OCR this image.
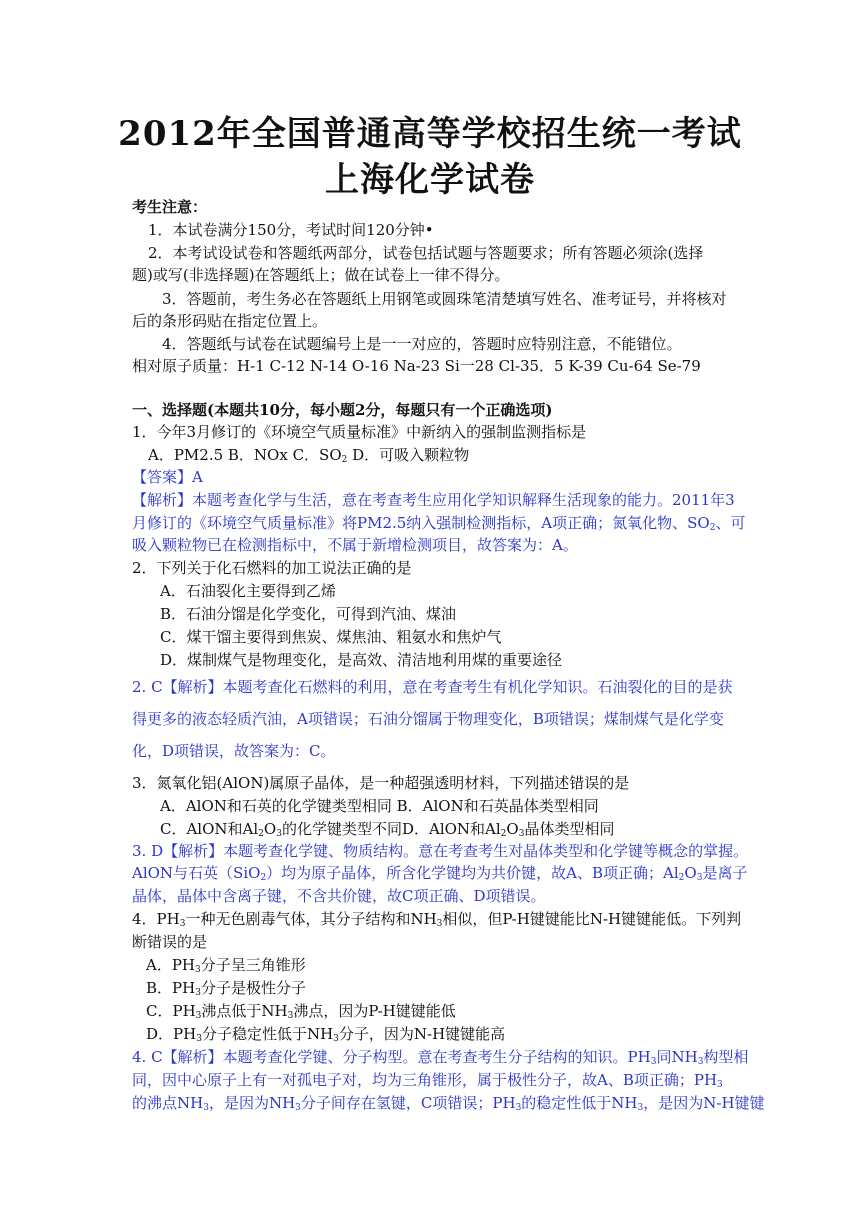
2012年全国普通高等学校招生统一考试
上海化学试卷
考生注意：
1．本试卷满分150分，考试时间120分钟•
2．本考试设试卷和答题纸两部分，试卷包括试题与答题要求；所有答题必须涂(选择
题)或写(非选择题)在答题纸上；做在试卷上一律不得分。
3．答题前，考生务必在答题纸上用钢笔或圆珠笔清楚填写姓名、准考证号，并将核对
后的条形码贴在指定位置上。
4．答题纸与试卷在试题编号上是一一对应的，答题时应特别注意，不能错位。
相对原子质量：H-1 C-12 N-14 O-16 Na-23 Si一28 Cl-35．5 K-39 Cu-64 Se-79
一、选择题(本题共10分，每小题2分，每题只有一个正确选项)
1．今年3月修订的《环境空气质量标准》中新纳入的强制监测指标是
A．PM2.5 B．NOx C．$SO_2$ D．可吸入颗粒物
【答案】A
【解析】本题考查化学与生活，意在考查考生应用化学知识解释生活现象的能力。2011年3
月修订的《环境空气质量标准》将PM2.5纳入强制检测指标，A项正确；氮氧化物、$SO_2$、可
吸入颗粒物已在检测指标中，不属于新增检测项目，故答案为：A。
2．下列关于化石燃料的加工说法正确的是
A．石油裂化主要得到乙烯
B．石油分馏是化学变化，可得到汽油、煤油
C．煤干馏主要得到焦炭、煤焦油、粗氨水和焦炉气
D．煤制煤气是物理变化，是高效、清洁地利用煤的重要途径
2. C【解析】本题考查化石燃料的利用，意在考查考生有机化学知识。石油裂化的目的是获
得更多的液态轻质汽油，A项错误；石油分馏属于物理变化，B项错误；煤制煤气是化学变
化，D项错误，故答案为：C。
3．氮氧化铝(AlON)属原子晶体，是一种超强透明材料，下列描述错误的是
A．AlON和石英的化学键类型相同 B．AlON和石英晶体类型相同
C．AlON和$Al_2O_3$的化学键类型不同D．AlON和$Al_2O_3$晶体类型相同
3. D【解析】本题考查化学键、物质结构。意在考查考生对晶体类型和化学键等概念的掌握。
AlON与石英（SiO$_2$）均为原子晶体，所含化学键均为共价键，故A、B项正确；$Al_2O_3$是离子
晶体，晶体中含离子键，不含共价键，故C项正确、D项错误。
4．$PH_3$一种无色剧毒气体，其分子结构和$NH_3$相似，但P-H键键能比N-H键键能低。下列判
断错误的是
A．$PH_3$分子呈三角锥形
B．$PH_3$分子是极性分子
C．$PH_3$沸点低于$NH_3$沸点，因为P-H键键能低
D．$PH_3$分子稳定性低于$NH_3$分子，因为N-H键键能高
4. C【解析】本题考查化学键、分子构型。意在考查考生分子结构的知识。$PH_3$同$NH_3$构型相
同，因中心原子上有一对孤电子对，均为三角锥形，属于极性分子，故A、B项正确；$PH_3$
的沸点$NH_3$，是因为$NH_3$分子间存在氢键，C项错误；$PH_3$的稳定性低于$NH_3$，是因为N-H键键
